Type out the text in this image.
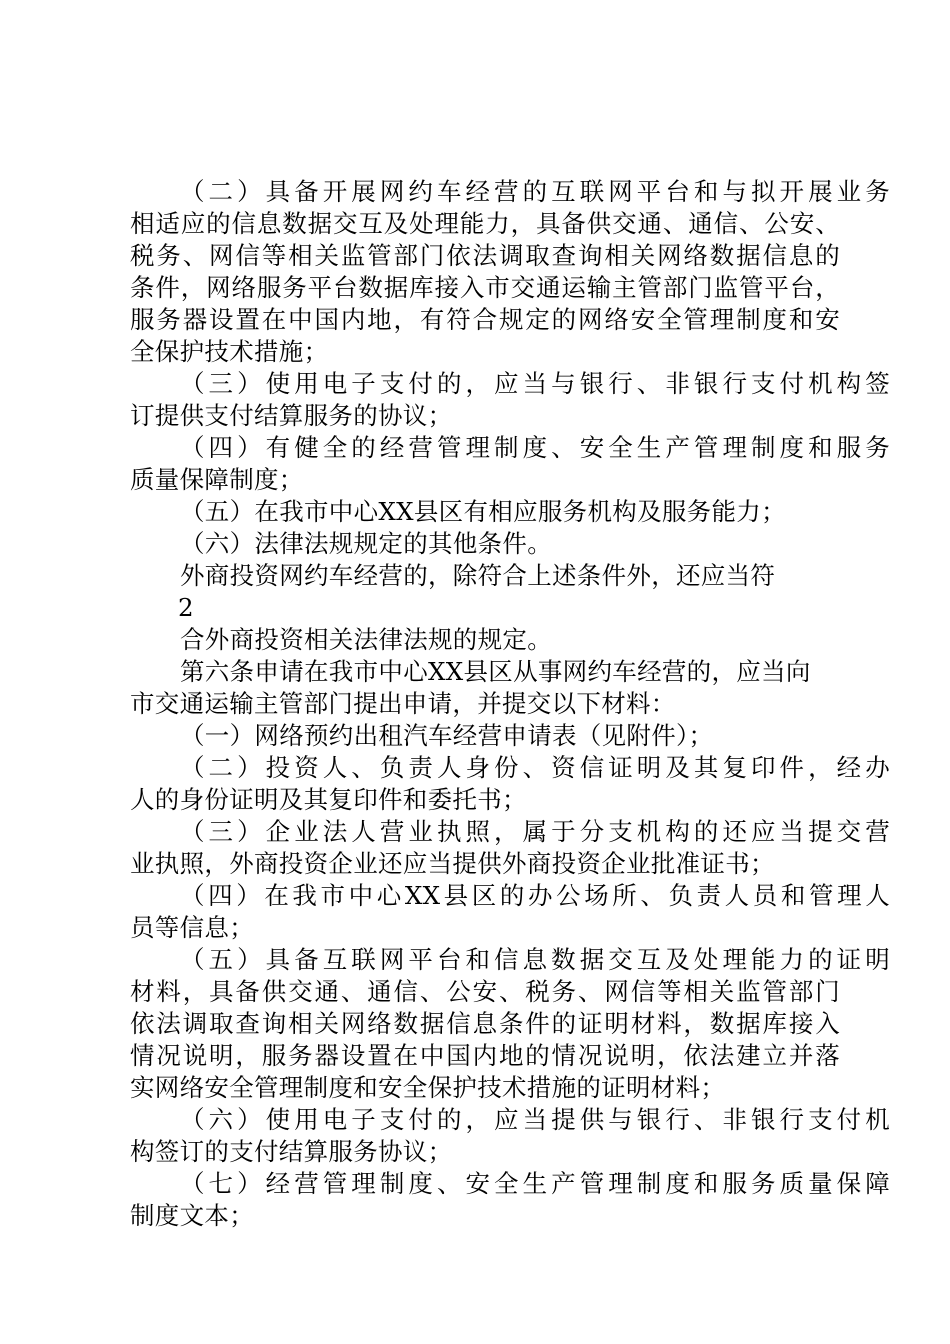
（二）具备开展网约车经营的互联网平台和与拟开展业务
相适应的信息数据交互及处理能力，具备供交通、通信、公安、
税务、网信等相关监管部门依法调取查询相关网络数据信息的
条件，网络服务平台数据库接入市交通运输主管部门监管平台，
服务器设置在中国内地，有符合规定的网络安全管理制度和安
全保护技术措施；
（三）使用电子支付的，应当与银行、非银行支付机构签
订提供支付结算服务的协议；
（四）有健全的经营管理制度、安全生产管理制度和服务
质量保障制度；
（五）在我市中心XX县区有相应服务机构及服务能力；
（六）法律法规规定的其他条件。
外商投资网约车经营的，除符合上述条件外，还应当符
2
合外商投资相关法律法规的规定。
第六条申请在我市中心XX县区从事网约车经营的，应当向
市交通运输主管部门提出申请，并提交以下材料：
（一）网络预约出租汽车经营申请表（见附件）；
（二）投资人、负责人身份、资信证明及其复印件，经办
人的身份证明及其复印件和委托书；
（三）企业法人营业执照，属于分支机构的还应当提交营
业执照，外商投资企业还应当提供外商投资企业批准证书；
（四）在我市中心XX县区的办公场所、负责人员和管理人
员等信息；
（五）具备互联网平台和信息数据交互及处理能力的证明
材料，具备供交通、通信、公安、税务、网信等相关监管部门
依法调取查询相关网络数据信息条件的证明材料，数据库接入
情况说明，服务器设置在中国内地的情况说明，依法建立并落
实网络安全管理制度和安全保护技术措施的证明材料；
（六）使用电子支付的，应当提供与银行、非银行支付机
构签订的支付结算服务协议；
（七）经营管理制度、安全生产管理制度和服务质量保障
制度文本；
